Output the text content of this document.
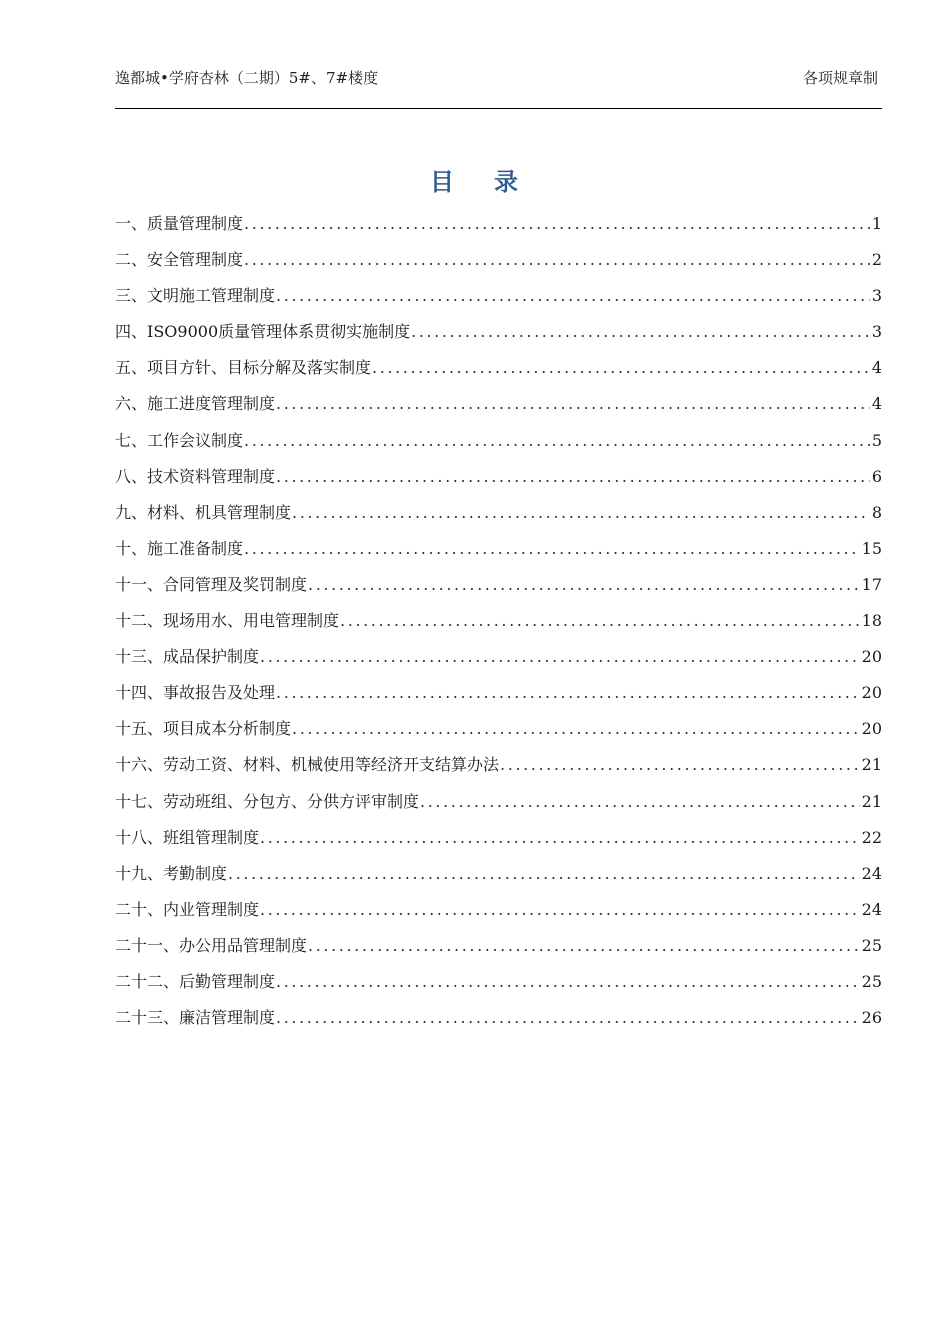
逸都城•学府杏林（二期）5#、7#楼度	各项规章制
目 录
一、质量管理制度 .....	1
二、安全管理制度 .....	2
三、文明施工管理制度 .....	3
四、ISO9000质量管理体系贯彻实施制度 .....	3
五、项目方针、目标分解及落实制度 .....	4
六、施工进度管理制度 .....	4
七、工作会议制度 .....	5
八、技术资料管理制度 .....	6
九、材料、机具管理制度 .....	8
十、施工准备制度 .....	15
十一、合同管理及奖罚制度 .....	17
十二、现场用水、用电管理制度 .....	18
十三、成品保护制度 .....	20
十四、事故报告及处理 .....	20
十五、项目成本分析制度 .....	20
十六、劳动工资、材料、机械使用等经济开支结算办法 .....	21
十七、劳动班组、分包方、分供方评审制度 .....	21
十八、班组管理制度 .....	22
十九、考勤制度 .....	24
二十、内业管理制度 .....	24
二十一、办公用品管理制度 .....	25
二十二、后勤管理制度 .....	25
二十三、廉洁管理制度 .....	26
